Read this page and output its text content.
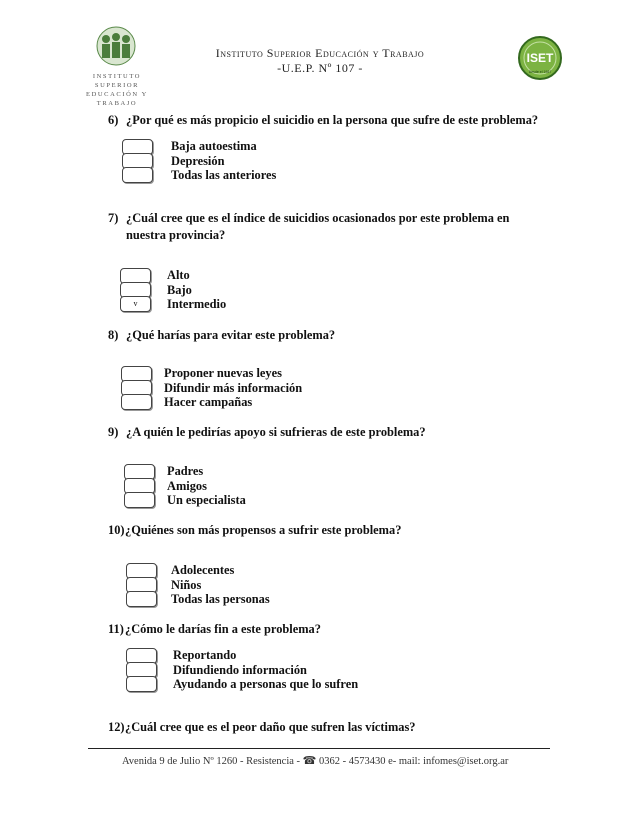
INSTITUTO
SUPERIOR
EDUCACIÓN Y TRABAJO
Instituto Superior Educación y Trabajo
-U.E.P. Nº 107 -
ISET
Desde el 1987
6) ¿Por qué es más propicio el suicidio en la persona que sufre de este problema?
Baja autoestima
Depresión
Todas las anteriores
7) ¿Cuál cree que es el índice de suicidios ocasionados por este problema en
nuestra provincia?
v
Alto
Bajo
Intermedio
8) ¿Qué harías para evitar este problema?
Proponer nuevas leyes
Difundir más información
Hacer campañas
9) ¿A quién le pedirías apoyo si sufrieras de este problema?
Padres
Amigos
Un especialista
10)¿Quiénes son más propensos a sufrir este problema?
Adolecentes
Niños
Todas las personas
11)¿Cómo le darías fin a este problema?
Reportando
Difundiendo información
Ayudando a personas que lo sufren
12)¿Cuál cree que es el peor daño que sufren las víctimas?
Avenida 9 de Julio Nº 1260 - Resistencia - ☎ 0362 - 4573430 e- mail: infomes@iset.org.ar
